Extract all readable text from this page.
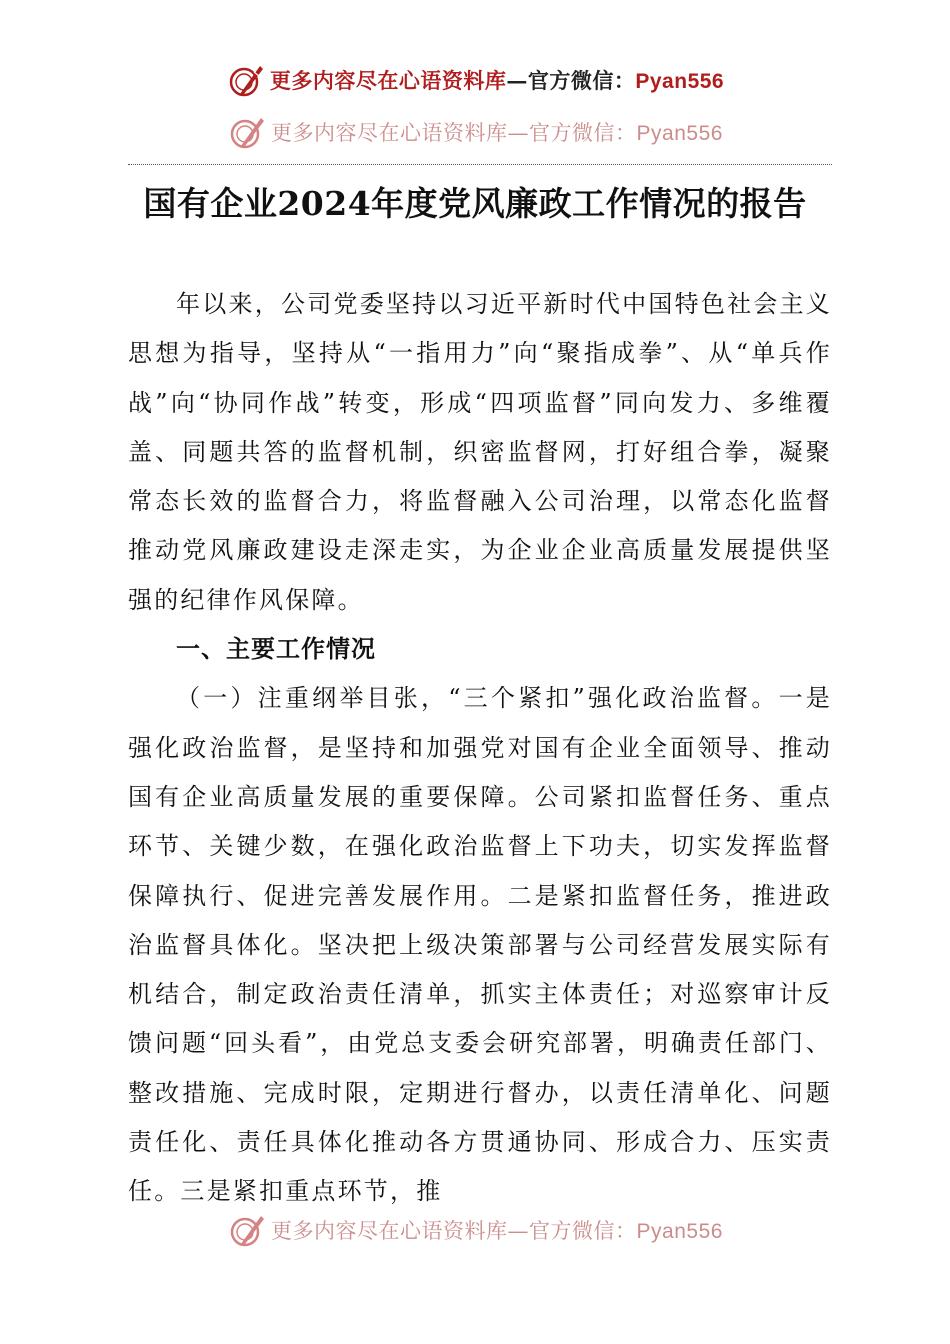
更多内容尽在心语资料库—官方微信：Pyan556
更多内容尽在心语资料库—官方微信：Pyan556
国有企业2024年度党风廉政工作情况的报告

年以来，公司党委坚持以习近平新时代中国特色社会主义思想为指导，坚持从“一指用力”向“聚指成拳”、从“单兵作战”向“协同作战”转变，形成“四项监督”同向发力、多维覆盖、同题共答的监督机制，织密监督网，打好组合拳，凝聚常态长效的监督合力，将监督融入公司治理，以常态化监督推动党风廉政建设走深走实，为企业企业高质量发展提供坚强的纪律作风保障。

一、主要工作情况

（一）注重纲举目张，“三个紧扣”强化政治监督。一是强化政治监督，是坚持和加强党对国有企业全面领导、推动国有企业高质量发展的重要保障。公司紧扣监督任务、重点环节、关键少数，在强化政治监督上下功夫，切实发挥监督保障执行、促进完善发展作用。二是紧扣监督任务，推进政治监督具体化。坚决把上级决策部署与公司经营发展实际有机结合，制定政治责任清单，抓实主体责任；对巡察审计反馈问题“回头看”，由党总支委会研究部署，明确责任部门、整改措施、完成时限，定期进行督办，以责任清单化、问题责任化、责任具体化推动各方贯通协同、形成合力、压实责任。三是紧扣重点环节，推

更多内容尽在心语资料库—官方微信：Pyan556
